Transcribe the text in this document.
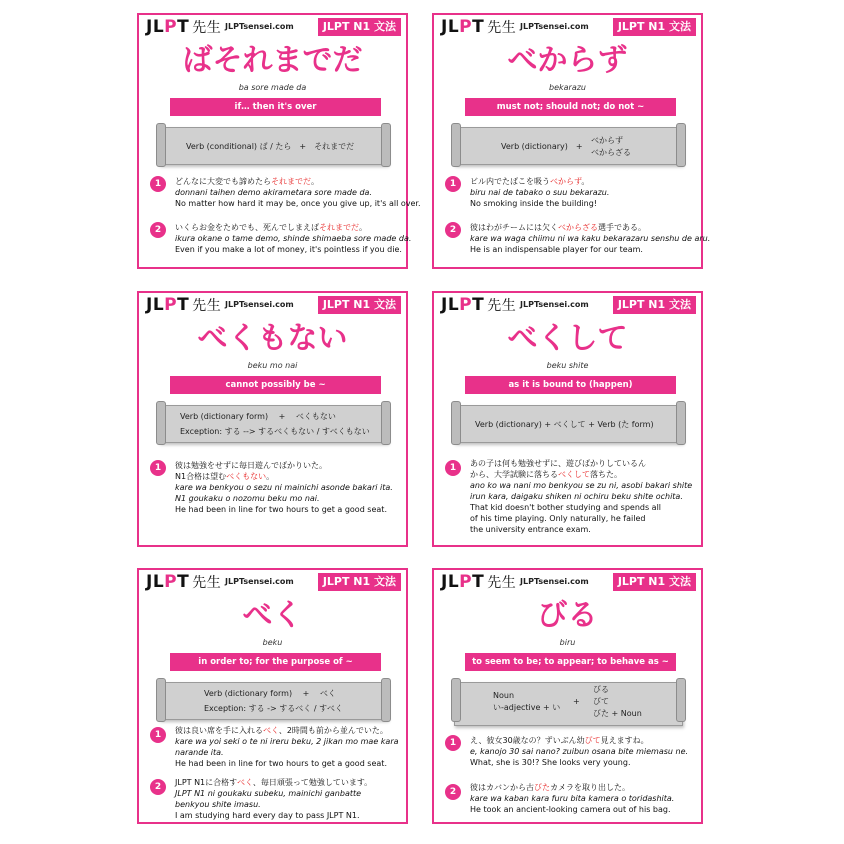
JLPT 先生 JLPTsensei.com	JLPT N1 文法
ばそれまでだ
ba sore made da
if… then it's over
Verb (conditional) ば / たら　+　それまでだ
1	どんなに大変でも諦めたらそれまでだ。
donnani taihen demo akirametara sore made da.
No matter how hard it may be, once you give up, it's all over.
2	いくらお金をためでも、死んでしまえばそれまでだ。
ikura okane o tame demo, shinde shimaeba sore made da.
Even if you make a lot of money, it's pointless if you die.
JLPT 先生 JLPTsensei.com	JLPT N1 文法
べからず
bekarazu
must not; should not; do not ~
Verb (dictionary)　+
べからず
べからざる
1	ビル内でたばこを吸うべからず。
biru nai de tabako o suu bekarazu.
No smoking inside the building!
2	彼はわがチームには欠くべからざる選手である。
kare wa waga chiimu ni wa kaku bekarazaru senshu de aru.
He is an indispensable player for our team.
JLPT 先生 JLPTsensei.com	JLPT N1 文法
べくもない
beku mo nai
cannot possibly be ~
Verb (dictionary form)　 +　 べくもない
Exception: する --> するべくもない / すべくもない
1	彼は勉強をせずに毎日遊んでばかりいた。
N1合格は望むべくもない。
kare wa benkyou o sezu ni mainichi asonde bakari ita.
N1 goukaku o nozomu beku mo nai.
He had been in line for two hours to get a good seat.
JLPT 先生 JLPTsensei.com	JLPT N1 文法
べくして
beku shite
as it is bound to (happen)
Verb (dictionary) + べくして + Verb (た form)
1	あの子は何も勉強せずに、遊びばかりしているん
から、大学試験に落ちるべくして落ちた。
ano ko wa nani mo benkyou se zu ni, asobi bakari shite
irun kara, daigaku shiken ni ochiru beku shite ochita.
That kid doesn't bother studying and spends all
of his time playing. Only naturally, he failed
the university entrance exam.
JLPT 先生 JLPTsensei.com	JLPT N1 文法
べく
beku
in order to; for the purpose of ~
Verb (dictionary form)　 +　 べく
Exception: する -> するべく / すべく
1	彼は良い席を手に入れるべく、2時間も前から並んでいた。
kare wa yoi seki o te ni ireru beku, 2 jikan mo mae kara
narande ita.
He had been in line for two hours to get a good seat.
2	JLPT N1に合格すべく、毎日頑張って勉強しています。
JLPT N1 ni goukaku subeku, mainichi ganbatte
benkyou shite imasu.
I am studying hard every day to pass JLPT N1.
JLPT 先生 JLPTsensei.com	JLPT N1 文法
びる
biru
to seem to be; to appear; to behave as ~
Noun
い-adjective + い
+
びる
びて
びた + Noun
1	え、彼女30歳なの？ずいぶん幼びて見えますね。
e, kanojo 30 sai nano? zuibun osana bite miemasu ne.
What, she is 30!? She looks very young.
2	彼はカバンから古びたカメラを取り出した。
kare wa kaban kara furu bita kamera o toridashita.
He took an ancient-looking camera out of his bag.
